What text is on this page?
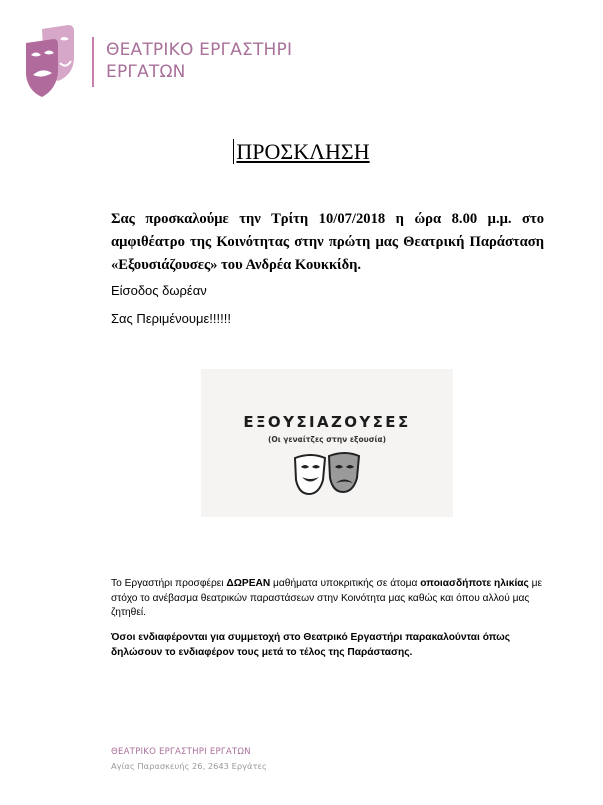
ΘΕΑΤΡΙΚΟ ΕΡΓΑΣΤΗΡΙ
ΕΡΓΑΤΩΝ
ΠΡΟΣΚΛΗΣΗ
Σας προσκαλούμε την Τρίτη 10/07/2018 η ώρα 8.00 μ.μ. στο αμφιθέατρο της Κοινότητας στην πρώτη μας Θεατρική Παράσταση «Εξουσιάζουσες» του Ανδρέα Κουκκίδη.
Είσοδος δωρέαν
Σας Περιμένουμε!!!!!!
ΕΞΟΥΣΙΑΖΟΥΣΕΣ
(Οι γεναίτζες στην εξουσία)
Το Εργαστήρι προσφέρει ΔΩΡΕΑΝ μαθήματα υποκριτικής σε άτομα οποιασδήποτε ηλικίας με στόχο το ανέβασμα θεατρικών παραστάσεων στην Κοινότητα μας καθώς και όπου αλλού μας ζητηθεί.
Όσοι ενδιαφέρονται για συμμετοχή στο Θεατρικό Εργαστήρι παρακαλούνται όπως δηλώσουν το ενδιαφέρον τους μετά το τέλος της Παράστασης.
ΘΕΑΤΡΙΚΟ ΕΡΓΑΣΤΗΡΙ ΕΡΓΑΤΩΝ
Αγίας Παρασκευής 26, 2643 Εργάτες
